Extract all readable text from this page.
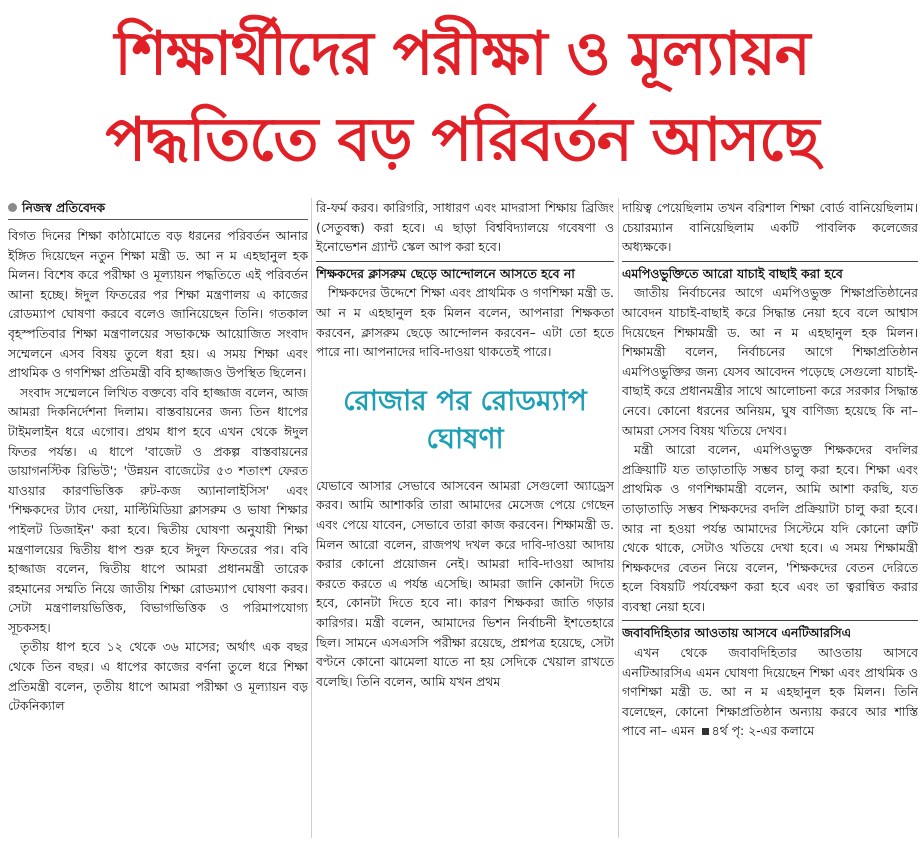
শিক্ষার্থীদের পরীক্ষা ও মূল্যায়ন
পদ্ধতিতে বড় পরিবর্তন আসছে
নিজস্ব প্রতিবেদক

বিগত দিনের শিক্ষা কাঠামোতে বড় ধরনের পরিবর্তন আনার ইঙ্গিত দিয়েছেন নতুন শিক্ষা মন্ত্রী ড. আ ন ম এহছানুল হক মিলন। বিশেষ করে পরীক্ষা ও মূল্যায়ন পদ্ধতিতে এই পরিবর্তন আনা হচ্ছে। ঈদুল ফিতরের পর শিক্ষা মন্ত্রণালয় এ কাজের রোডম্যাপ ঘোষণা করবে বলেও জানিয়েছেন তিনি। গতকাল বৃহস্পতিবার শিক্ষা মন্ত্রণালয়ের সভাকক্ষে আয়োজিত সংবাদ সম্মেলনে এসব বিষয় তুলে ধরা হয়। এ সময় শিক্ষা এবং প্রাথমিক ও গণশিক্ষা প্রতিমন্ত্রী ববি হাজ্জাজও উপস্থিত ছিলেন।

সংবাদ সম্মেলনে লিখিত বক্তব্যে ববি হাজ্জাজ বলেন, আজ আমরা দিকনির্দেশনা দিলাম। বাস্তবায়নের জন্য তিন ধাপের টাইমলাইন ধরে এগোব। প্রথম ধাপ হবে এখন থেকে ঈদুল ফিতর পর্যন্ত। এ ধাপে 'বাজেট ও প্রকল্প বাস্তবায়নের ডায়াগনস্টিক রিভিউ'; 'উন্নয়ন বাজেটের ৫৩ শতাংশ ফেরত যাওয়ার কারণভিত্তিক রুট-কজ অ্যানালাইসিস' এবং 'শিক্ষকদের ট্যাব দেয়া, মাল্টিমিডিয়া ক্লাসরুম ও ভাষা শিক্ষার পাইলট ডিজাইন' করা হবে। দ্বিতীয় ঘোষণা অনুযায়ী শিক্ষা মন্ত্রণালয়ের দ্বিতীয় ধাপ শুরু হবে ঈদুল ফিতরের পর। ববি হাজ্জাজ বলেন, দ্বিতীয় ধাপে আমরা প্রধানমন্ত্রী তারেক রহমানের সম্মতি নিয়ে জাতীয় শিক্ষা রোডম্যাপ ঘোষণা করব। সেটা মন্ত্রণালয়ভিত্তিক, বিভাগভিত্তিক ও পরিমাপযোগ্য সূচকসহ।

তৃতীয় ধাপ হবে ১২ থেকে ৩৬ মাসের; অর্থাৎ এক বছর থেকে তিন বছর। এ ধাপের কাজের বর্ণনা তুলে ধরে শিক্ষা প্রতিমন্ত্রী বলেন, তৃতীয় ধাপে আমরা পরীক্ষা ও মূল্যায়ন বড় টেকনিক্যাল

রি-ফর্ম করব। কারিগরি, সাধারণ এবং মাদরাসা শিক্ষায় ব্রিজিং (সেতুবন্ধ) করা হবে। এ ছাড়া বিশ্ববিদ্যালয়ে গবেষণা ও ইনোভেশন গ্র্যান্ট স্কেল আপ করা হবে।

শিক্ষকদের ক্লাসরুম ছেড়ে আন্দোলনে আসতে হবে না

শিক্ষকদের উদ্দেশে শিক্ষা এবং প্রাথমিক ও গণশিক্ষা মন্ত্রী ড. আ ন ম এহছানুল হক মিলন বলেন, আপনারা শিক্ষকতা করবেন, ক্লাসরুম ছেড়ে আন্দোলন করবেন– এটা তো হতে পারে না। আপনাদের দাবি-দাওয়া থাকতেই পারে।

রোজার পর রোডম্যাপ ঘোষণা

যেভাবে আসার সেভাবে আসবেন আমরা সেগুলো অ্যাড্রেস করব। আমি আশাকরি তারা আমাদের মেসেজ পেয়ে গেছেন এবং পেয়ে যাবেন, সেভাবে তারা কাজ করবেন। শিক্ষামন্ত্রী ড. মিলন আরো বলেন, রাজপথ দখল করে দাবি-দাওয়া আদায় করার কোনো প্রয়োজন নেই। আমরা দাবি-দাওয়া আদায় করতে করতে এ পর্যন্ত এসেছি। আমরা জানি কোনটা দিতে হবে, কোনটা দিতে হবে না। কারণ শিক্ষকরা জাতি গড়ার কারিগর। মন্ত্রী বলেন, আমাদের ভিশন নির্বাচনী ইশতেহারে ছিল। সামনে এসএসসি পরীক্ষা রয়েছে, প্রশ্নপত্র হয়েছে, সেটা বণ্টনে কোনো ঝামেলা যাতে না হয় সেদিকে খেয়াল রাখতে বলেছি। তিনি বলেন, আমি যখন প্রথম

দায়িত্ব পেয়েছিলাম তখন বরিশাল শিক্ষা বোর্ড বানিয়েছিলাম। চেয়ারম্যান বানিয়েছিলাম একটি পাবলিক কলেজের অধ্যক্ষকে।

এমপিওভুক্তিতে আরো যাচাই বাছাই করা হবে

জাতীয় নির্বাচনের আগে এমপিওভুক্ত শিক্ষাপ্রতিষ্ঠানের আবেদন যাচাই-বাছাই করে সিদ্ধান্ত নেয়া হবে বলে আশ্বাস দিয়েছেন শিক্ষামন্ত্রী ড. আ ন ম এহছানুল হক মিলন। শিক্ষামন্ত্রী বলেন, নির্বাচনের আগে শিক্ষাপ্রতিষ্ঠান এমপিওভুক্তির জন্য যেসব আবেদন পড়েছে সেগুলো যাচাই-বাছাই করে প্রধানমন্ত্রীর সাথে আলোচনা করে সরকার সিদ্ধান্ত নেবে। কোনো ধরনের অনিয়ম, ঘুষ বাণিজ্য হয়েছে কি না– আমরা সেসব বিষয় খতিয়ে দেখব।

মন্ত্রী আরো বলেন, এমপিওভুক্ত শিক্ষকদের বদলির প্রক্রিয়াটি যত তাড়াতাড়ি সম্ভব চালু করা হবে। শিক্ষা এবং প্রাথমিক ও গণশিক্ষামন্ত্রী বলেন, আমি আশা করছি, যত তাড়াতাড়ি সম্ভব শিক্ষকদের বদলি প্রক্রিয়াটা চালু করা হবে। আর না হওয়া পর্যন্ত আমাদের সিস্টেমে যদি কোনো ত্রুটি থেকে থাকে, সেটাও খতিয়ে দেখা হবে। এ সময় শিক্ষামন্ত্রী শিক্ষকদের বেতন নিয়ে বলেন, 'শিক্ষকদের বেতন দেরিতে হলে বিষয়টি পর্যবেক্ষণ করা হবে এবং তা ত্বরান্বিত করার ব্যবস্থা নেয়া হবে।

জবাবদিহিতার আওতায় আসবে এনটিআরসিএ

এখন থেকে জবাবদিহিতার আওতায় আসবে এনটিআরসিএ এমন ঘোষণা দিয়েছেন শিক্ষা এবং প্রাথমিক ও গণশিক্ষা মন্ত্রী ড. আ ন ম এহছানুল হক মিলন। তিনি বলেছেন, কোনো শিক্ষাপ্রতিষ্ঠান অন্যায় করবে আর শাস্তি পাবে না– এমন ৪র্থ পৃ: ২-এর কলামে
